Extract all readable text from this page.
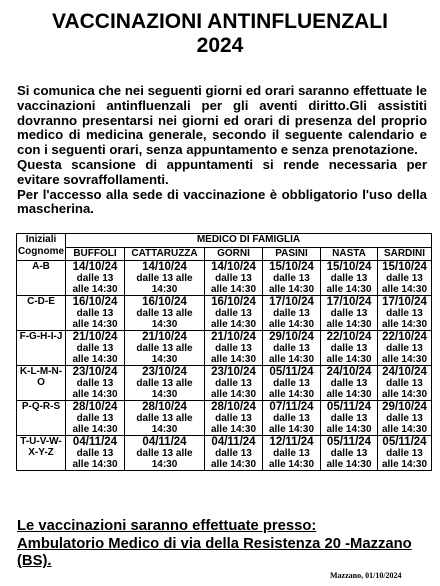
VACCINAZIONI ANTINFLUENZALI
2024

Si comunica che nei seguenti giorni ed orari saranno effettuate le vaccinazioni antinfluenzali per gli aventi diritto.Gli assistiti dovranno presentarsi nei giorni ed orari di presenza del proprio medico di medicina generale, secondo il seguente calendario e con i seguenti orari, senza appuntamento e senza prenotazione.

Questa scansione di appuntamenti si rende necessaria per evitare sovraffollamenti.

Per l'accesso alla sede di vaccinazione è obbligatorio l'uso della mascherina.

Iniziali Cognome	MEDICO DI FAMIGLIA					
	BUFFOLI	CATTARUZZA	GORNI	PASINI	NASTA	SARDINI
A-B	14/10/24
dalle 13
alle 14:30	14/10/24
dalle 13 alle
14:30	14/10/24
dalle 13
alle 14:30	15/10/24
dalle 13
alle 14:30	15/10/24
dalle 13
alle 14:30	15/10/24
dalle 13
alle 14:30

C-D-E	16/10/24
dalle 13
alle 14:30	16/10/24
dalle 13 alle
14:30	16/10/24
dalle 13
alle 14:30	17/10/24
dalle 13
alle 14:30	17/10/24
dalle 13
alle 14:30	17/10/24
dalle 13
alle 14:30

F-G-H-I-J	21/10/24
dalle 13
alle 14:30	21/10/24
dalle 13 alle
14:30	21/10/24
dalle 13
alle 14:30	29/10/24
dalle 13
alle 14:30	22/10/24
dalle 13
alle 14:30	22/10/24
dalle 13
alle 14:30

K-L-M-N-O	23/10/24
dalle 13
alle 14:30	23/10/24
dalle 13 alle
14:30	23/10/24
dalle 13
alle 14:30	05/11/24
dalle 13
alle 14:30	24/10/24
dalle 13
alle 14:30	24/10/24
dalle 13
alle 14:30

P-Q-R-S	28/10/24
dalle 13
alle 14:30	28/10/24
dalle 13 alle
14:30	28/10/24
dalle 13
alle 14:30	07/11/24
dalle 13
alle 14:30	05/11/24
dalle 13
alle 14:30	29/10/24
dalle 13
alle 14:30

T-U-V-W-X-Y-Z	04/11/24
dalle 13
alle 14:30	04/11/24
dalle 13 alle
14:30	04/11/24
dalle 13
alle 14:30	12/11/24
dalle 13
alle 14:30	05/11/24
dalle 13
alle 14:30	05/11/24
dalle 13
alle 14:30
Le vaccinazioni saranno effettuate presso:
Ambulatorio Medico di via della Resistenza 20 -Mazzano (BS).
Mazzano, 01/10/2024
